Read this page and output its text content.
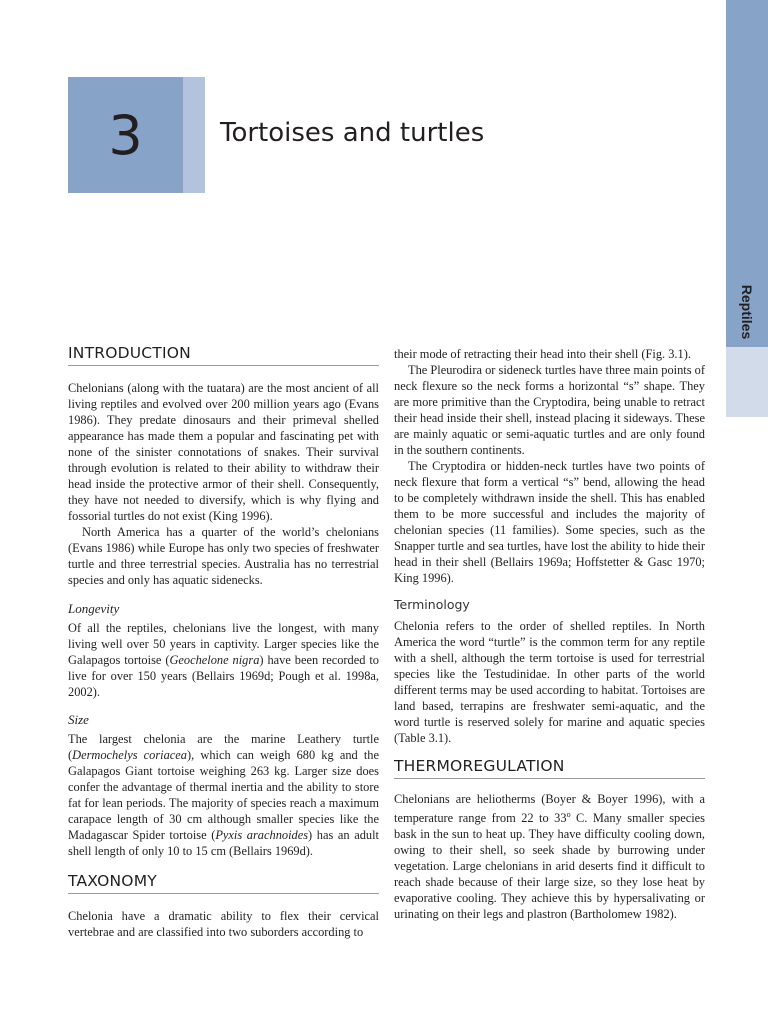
Reptiles
3	Tortoises and turtles
INTRODUCTION

Chelonians (along with the tuatara) are the most ancient of all living reptiles and evolved over 200 million years ago (Evans 1986). They predate dinosaurs and their primeval shelled appearance has made them a popular and fascinating pet with none of the sinister connotations of snakes. Their survival through evolution is related to their ability to withdraw their head inside the protective armor of their shell. Consequently, they have not needed to diversify, which is why flying and fossorial turtles do not exist (King 1996).

North America has a quarter of the world’s chelonians (Evans 1986) while Europe has only two species of freshwater turtle and three terrestrial species. Australia has no terrestrial species and only has aquatic sidenecks.

Longevity

Of all the reptiles, chelonians live the longest, with many living well over 50 years in captivity. Larger species like the Galapagos tortoise (Geochelone nigra) have been recorded to live for over 150 years (Bellairs 1969d; Pough et al. 1998a, 2002).

Size

The largest chelonia are the marine Leathery turtle (Dermochelys coriacea), which can weigh 680 kg and the Galapagos Giant tortoise weighing 263 kg. Larger size does confer the advantage of thermal inertia and the ability to store fat for lean periods. The majority of species reach a maximum carapace length of 30 cm although smaller species like the Madagascar Spider tortoise (Pyxis arachnoides) has an adult shell length of only 10 to 15 cm (Bellairs 1969d).

TAXONOMY

Chelonia have a dramatic ability to flex their cervical vertebrae and are classified into two suborders according to

their mode of retracting their head into their shell (Fig. 3.1).

The Pleurodira or sideneck turtles have three main points of neck flexure so the neck forms a horizontal “s” shape. They are more primitive than the Cryptodira, being unable to retract their head inside their shell, instead placing it sideways. These are mainly aquatic or semi-aquatic turtles and are only found in the southern continents.

The Cryptodira or hidden-neck turtles have two points of neck flexure that form a vertical “s” bend, allowing the head to be completely withdrawn inside the shell. This has enabled them to be more successful and includes the majority of chelonian species (11 families). Some species, such as the Snapper turtle and sea turtles, have lost the ability to hide their head in their shell (Bellairs 1969a; Hoffstetter & Gasc 1970; King 1996).

Terminology

Chelonia refers to the order of shelled reptiles. In North America the word “turtle” is the common term for any reptile with a shell, although the term tortoise is used for terrestrial species like the Testudinidae. In other parts of the world different terms may be used according to habitat. Tortoises are land based, terrapins are freshwater semi-aquatic, and the word turtle is reserved solely for marine and aquatic species (Table 3.1).

THERMOREGULATION

Chelonians are heliotherms (Boyer & Boyer 1996), with a temperature range from 22 to 33$^o$ C. Many smaller species bask in the sun to heat up. They have difficulty cooling down, owing to their shell, so seek shade by burrowing under vegetation. Large chelonians in arid deserts find it difficult to reach shade because of their large size, so they lose heat by evaporative cooling. They achieve this by hypersalivating or urinating on their legs and plastron (Bartholomew 1982).
